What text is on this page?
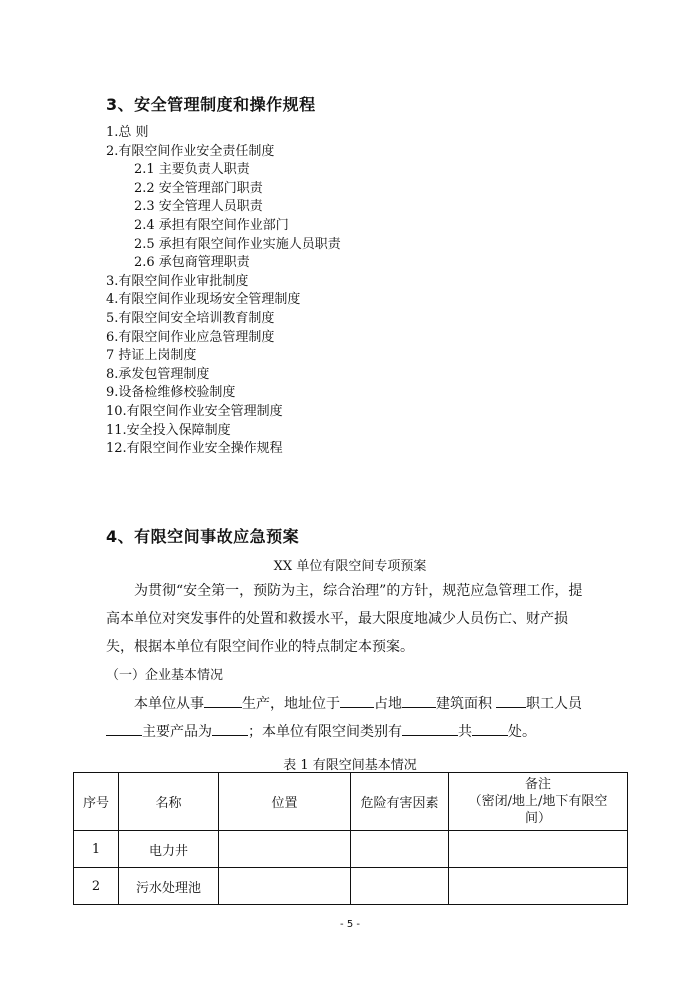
3、安全管理制度和操作规程
1.总 则
2.有限空间作业安全责任制度
2.1 主要负责人职责
2.2 安全管理部门职责
2.3 安全管理人员职责
2.4 承担有限空间作业部门
2.5 承担有限空间作业实施人员职责
2.6 承包商管理职责
3.有限空间作业审批制度
4.有限空间作业现场安全管理制度
5.有限空间安全培训教育制度
6.有限空间作业应急管理制度
7 持证上岗制度
8.承发包管理制度
9.设备检维修校验制度
10.有限空间作业安全管理制度
11.安全投入保障制度
12.有限空间作业安全操作规程
4、有限空间事故应急预案
XX 单位有限空间专项预案

为贯彻“安全第一，预防为主，综合治理”的方针，规范应急管理工作，提高本单位对突发事件的处置和救援水平，最大限度地减少人员伤亡、财产损失，根据本单位有限空间作业的特点制定本预案。

（一）企业基本情况

本单位从事	生产，地址位于 占地 建筑面积 职工人员主要产品为	；本单位有限空间类别有	共	处。

表 1 有限空间基本情况
序号	名称	位置	危险有害因素	备注
（密闭/地上/地下有限空间）

1	电力井			
2	污水处理池			
- 5 -
